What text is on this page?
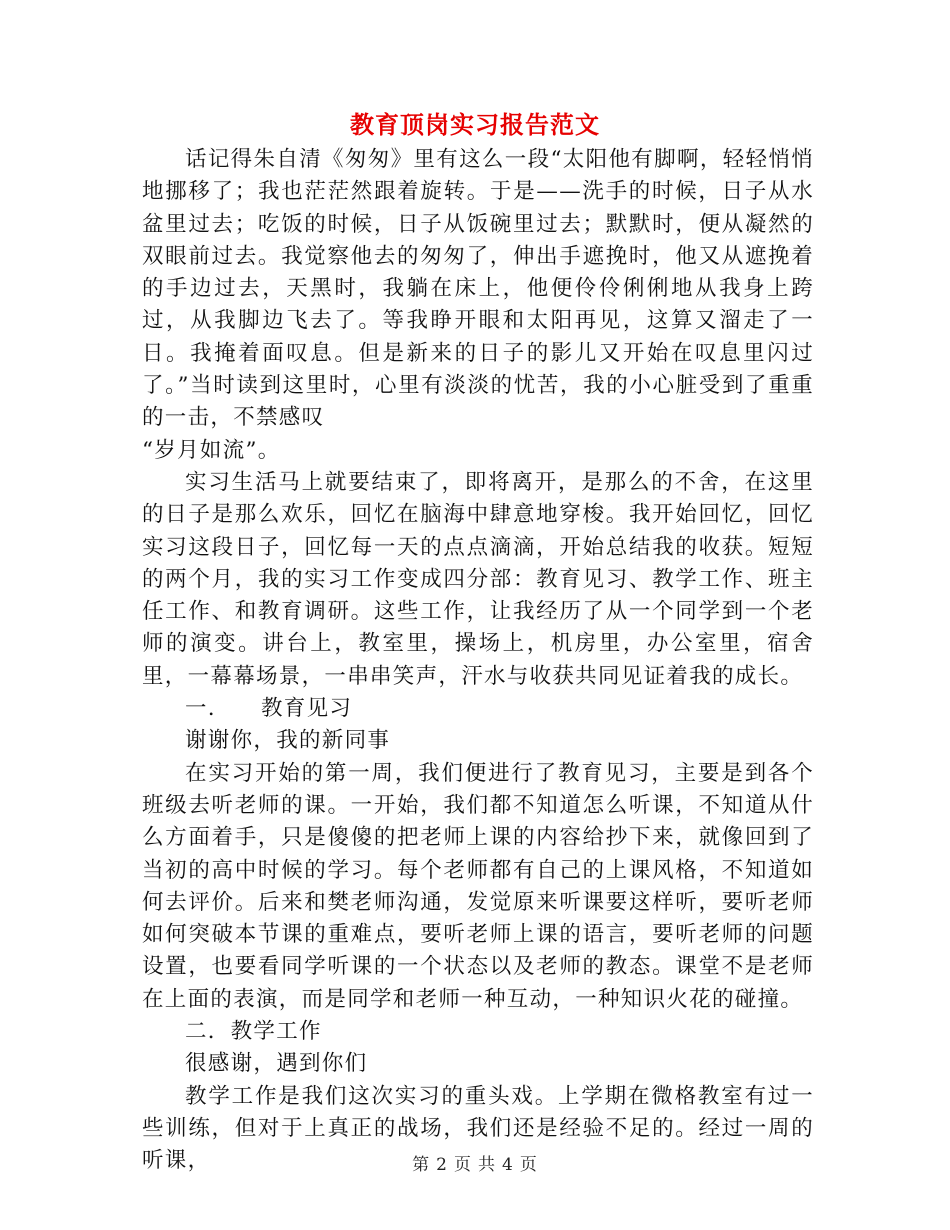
教育顶岗实习报告范文

话记得朱自清《匆匆》里有这么一段“太阳他有脚啊，轻轻悄悄地挪移了；我也茫茫然跟着旋转。于是——洗手的时候，日子从水盆里过去；吃饭的时候，日子从饭碗里过去；默默时，便从凝然的双眼前过去。我觉察他去的匆匆了，伸出手遮挽时，他又从遮挽着的手边过去，天黑时，我躺在床上，他便伶伶俐俐地从我身上跨过，从我脚边飞去了。等我睁开眼和太阳再见，这算又溜走了一日。我掩着面叹息。但是新来的日子的影儿又开始在叹息里闪过了。”当时读到这里时，心里有淡淡的忧苦，我的小心脏受到了重重的一击，不禁感叹

“岁月如流”。

实习生活马上就要结束了，即将离开，是那么的不舍，在这里的日子是那么欢乐，回忆在脑海中肆意地穿梭。我开始回忆，回忆实习这段日子，回忆每一天的点点滴滴，开始总结我的收获。短短的两个月，我的实习工作变成四分部：教育见习、教学工作、班主任工作、和教育调研。这些工作，让我经历了从一个同学到一个老师的演变。讲台上，教室里，操场上，机房里，办公室里，宿舍里，一幕幕场景，一串串笑声，汗水与收获共同见证着我的成长。

一. 教育见习
谢谢你，我的新同事

在实习开始的第一周，我们便进行了教育见习，主要是到各个班级去听老师的课。一开始，我们都不知道怎么听课，不知道从什么方面着手，只是傻傻的把老师上课的内容给抄下来，就像回到了当初的高中时候的学习。每个老师都有自己的上课风格，不知道如何去评价。后来和樊老师沟通，发觉原来听课要这样听，要听老师如何突破本节课的重难点，要听老师上课的语言，要听老师的问题设置，也要看同学听课的一个状态以及老师的教态。课堂不是老师在上面的表演，而是同学和老师一种互动，一种知识火花的碰撞。

二．教学工作
很感谢，遇到你们

教学工作是我们这次实习的重头戏。上学期在微格教室有过一些训练，但对于上真正的战场，我们还是经验不足的。经过一周的听课，	第 2 页 共 4 页
